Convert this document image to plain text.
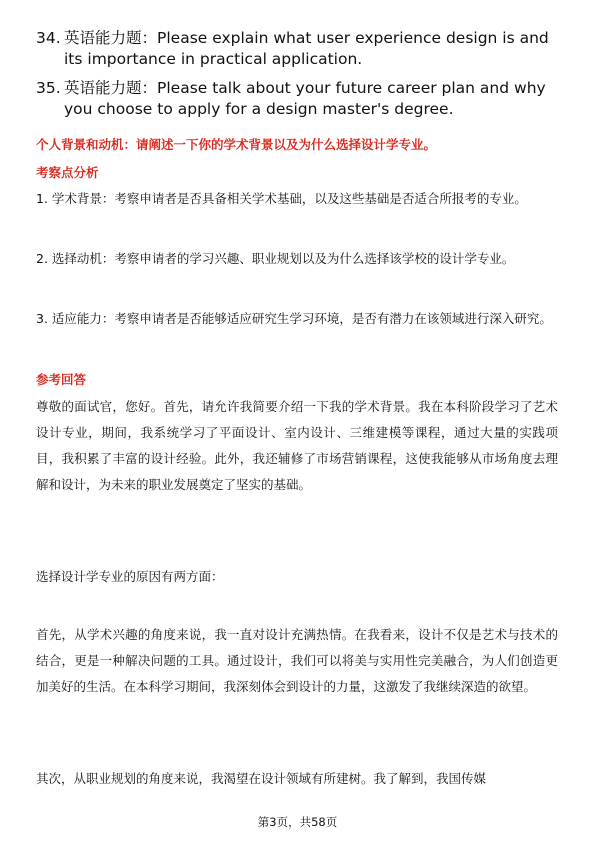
34. 英语能力题：Please explain what user experience design is and its importance in practical application.
35. 英语能力题：Please talk about your future career plan and why you choose to apply for a design master's degree.
个人背景和动机：请阐述一下你的学术背景以及为什么选择设计学专业。
考察点分析
1. 学术背景：考察申请者是否具备相关学术基础，以及这些基础是否适合所报考的专业。
2. 选择动机：考察申请者的学习兴趣、职业规划以及为什么选择该学校的设计学专业。
3. 适应能力：考察申请者是否能够适应研究生学习环境，是否有潜力在该领域进行深入研究。
参考回答
尊敬的面试官，您好。首先，请允许我简要介绍一下我的学术背景。我在本科阶段学习了艺术设计专业，期间，我系统学习了平面设计、室内设计、三维建模等课程，通过大量的实践项目，我积累了丰富的设计经验。此外，我还辅修了市场营销课程，这使我能够从市场角度去理解和设计，为未来的职业发展奠定了坚实的基础。
选择设计学专业的原因有两方面：
首先，从学术兴趣的角度来说，我一直对设计充满热情。在我看来，设计不仅是艺术与技术的结合，更是一种解决问题的工具。通过设计，我们可以将美与实用性完美融合，为人们创造更加美好的生活。在本科学习期间，我深刻体会到设计的力量，这激发了我继续深造的欲望。
其次，从职业规划的角度来说，我渴望在设计领域有所建树。我了解到，我国传媒
第3页，共58页
